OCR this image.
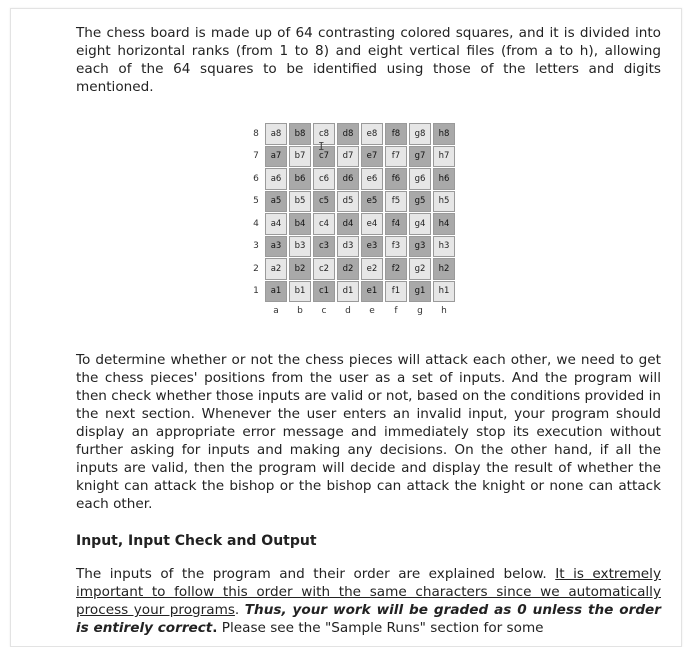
The chess board is made up of 64 contrasting colored squares, and it is divided into eight horizontal ranks (from 1 to 8) and eight vertical files (from a to h), allowing each of the 64 squares to be identified using those of the letters and digits mentioned.

8	a8	b8	c8	d8	e8	f8	g8	h8
7	a7	b7	c7	d7	e7	f7	g7	h7
6	a6	b6	c6	d6	e6	f6	g6	h6
5	a5	b5	c5	d5	e5	f5	g5	h5
4	a4	b4	c4	d4	e4	f4	g4	h4
3	a3	b3	c3	d3	e3	f3	g3	h3
2	a2	b2	c2	d2	e2	f2	g2	h2
1	a1	b1	c1	d1	e1	f1	g1	h1
a	b	c	d	e	f	g	h
I

To determine whether or not the chess pieces will attack each other, we need to get the chess pieces' positions from the user as a set of inputs. And the program will then check whether those inputs are valid or not, based on the conditions provided in the next section. Whenever the user enters an invalid input, your program should display an appropriate error message and immediately stop its execution without further asking for inputs and making any decisions. On the other hand, if all the inputs are valid, then the program will decide and display the result of whether the knight can attack the bishop or the bishop can attack the knight or none can attack each other.

Input, Input Check and Output

The inputs of the program and their order are explained below. It is extremely important to follow this order with the same characters since we automatically process your programs. Thus, your work will be graded as 0 unless the order is entirely correct. Please see the "Sample Runs" section for some
